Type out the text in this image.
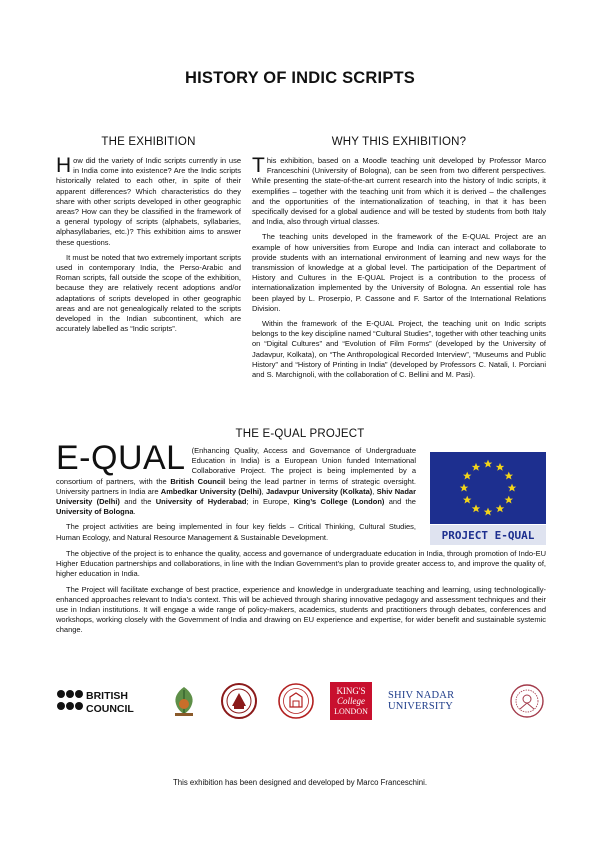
HISTORY OF INDIC SCRIPTS
THE EXHIBITION

How did the variety of Indic scripts currently in use in India come into existence? Are the Indic scripts historically related to each other, in spite of their apparent differences? Which characteristics do they share with other scripts developed in other geographic areas? How can they be classified in the framework of a general typology of scripts (alphabets, syllabaries, alphasyllabaries, etc.)? This exhibition aims to answer these questions.

It must be noted that two extremely important scripts used in contemporary India, the Perso-Arabic and Roman scripts, fall outside the scope of the exhibition, because they are relatively recent adoptions and/or adaptations of scripts developed in other geographic areas and are not genealogically related to the scripts developed in the Indian subcontinent, which are accurately labelled as “Indic scripts”.

WHY THIS EXHIBITION?

This exhibition, based on a Moodle teaching unit developed by Professor Marco Franceschini (University of Bologna), can be seen from two different perspectives. While presenting the state-of-the-art current research into the history of Indic scripts, it exemplifies – together with the teaching unit from which it is derived – the challenges and the opportunities of the internationalization of teaching, in that it has been specifically devised for a global audience and will be tested by students from both Italy and India, also through virtual classes.

The teaching units developed in the framework of the E-QUAL Project are an example of how universities from Europe and India can interact and collaborate to provide students with an international environment of learning and new ways for the transmission of knowledge at a global level. The participation of the Department of History and Cultures in the E-QUAL Project is a contribution to the process of internationalization implemented by the University of Bologna. An essential role has been played by L. Proserpio, P. Cassone and F. Sartor of the International Relations Division.

Within the framework of the E-QUAL Project, the teaching unit on Indic scripts belongs to the key discipline named “Cultural Studies”, together with other teaching units on “Digital Cultures” and “Evolution of Film Forms” (developed by the University of Jadavpur, Kolkata), on “The Anthropological Recorded Interview”, “Museums and Public History” and “History of Printing in India” (developed by Professors C. Natali, I. Porciani and S. Marchignoli, with the collaboration of C. Bellini and M. Pasi).

THE E-QUAL PROJECT

E-QUAL (Enhancing Quality, Access and Governance of Undergraduate Education in India) is a European Union funded International Collaborative Project. The project is being implemented by a consortium of partners, with the British Council being the lead partner in terms of strategic oversight. University partners in India are Ambedkar University (Delhi), Jadavpur University (Kolkata), Shiv Nadar University (Delhi) and the University of Hyderabad; in Europe, King’s College (London) and the University of Bologna.

The project activities are being implemented in four key fields – Critical Thinking, Cultural Studies, Human Ecology, and Natural Resource Management & Sustainable Development.

The objective of the project is to enhance the quality, access and governance of undergraduate education in India, through promotion of Indo-EU Higher Education partnerships and collaborations, in line with the Indian Government’s plan to provide greater access to, and improve the quality of, higher education in India.

The Project will facilitate exchange of best practice, experience and knowledge in undergraduate teaching and learning, using technologically-enhanced approaches relevant to India’s context. This will be achieved through sharing innovative pedagogy and assessment techniques and their use in Indian institutions. It will engage a wide range of policy-makers, academics, students and practitioners through debates, conferences and workshops, working closely with the Government of India and drawing on EU experience and expertise, for wider benefit and sustainable systemic change.

PROJECT E-QUAL
BRITISH
COUNCIL
KING'S
College
LONDON
SHIV NADAR UNIVERSITY
This exhibition has been designed and developed by Marco Franceschini.
